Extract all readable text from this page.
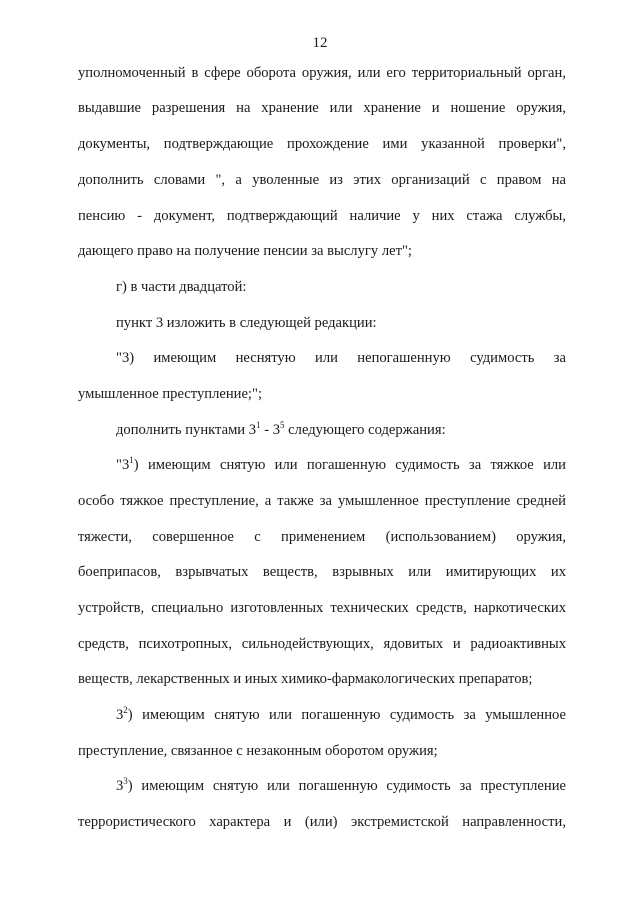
12
уполномоченный в сфере оборота оружия, или его территориальный орган,
выдавшие разрешения на хранение или хранение и ношение оружия,
документы, подтверждающие прохождение ими указанной проверки",
дополнить словами ", а уволенные из этих организаций с правом на
пенсию - документ, подтверждающий наличие у них стажа службы,
дающего право на получение пенсии за выслугу лет";
г) в части двадцатой:
пункт 3 изложить в следующей редакции:
"3) имеющим неснятую или непогашенную судимость за
умышленное преступление;";
дополнить пунктами $3^1 - 3^5$ следующего содержания:
"$3^1$) имеющим снятую или погашенную судимость за тяжкое или
особо тяжкое преступление, а также за умышленное преступление средней
тяжести, совершенное с применением (использованием) оружия,
боеприпасов, взрывчатых веществ, взрывных или имитирующих их
устройств, специально изготовленных технических средств, наркотических
средств, психотропных, сильнодействующих, ядовитых и радиоактивных
веществ, лекарственных и иных химико-фармакологических препаратов;
$3^2$) имеющим снятую или погашенную судимость за умышленное
преступление, связанное с незаконным оборотом оружия;
$3^3$) имеющим снятую или погашенную судимость за преступление
террористического характера и (или) экстремистской направленности,
